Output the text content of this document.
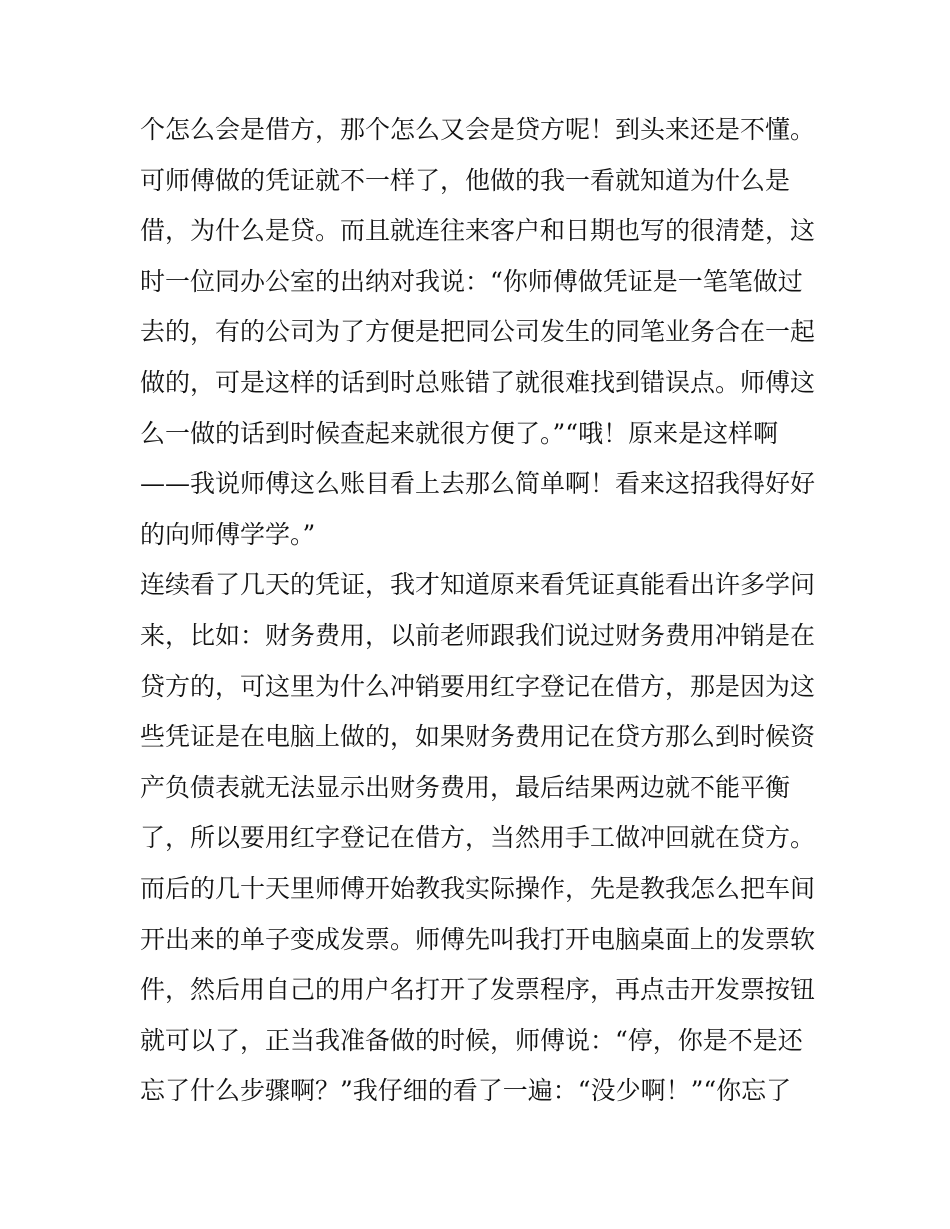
个怎么会是借方，那个怎么又会是贷方呢！到头来还是不懂。
可师傅做的凭证就不一样了，他做的我一看就知道为什么是
借，为什么是贷。而且就连往来客户和日期也写的很清楚，这
时一位同办公室的出纳对我说：“你师傅做凭证是一笔笔做过
去的，有的公司为了方便是把同公司发生的同笔业务合在一起
做的，可是这样的话到时总账错了就很难找到错误点。师傅这
么一做的话到时候查起来就很方便了。”“哦！原来是这样啊
——我说师傅这么账目看上去那么简单啊！看来这招我得好好
的向师傅学学。”
连续看了几天的凭证，我才知道原来看凭证真能看出许多学问
来，比如：财务费用，以前老师跟我们说过财务费用冲销是在
贷方的，可这里为什么冲销要用红字登记在借方，那是因为这
些凭证是在电脑上做的，如果财务费用记在贷方那么到时候资
产负债表就无法显示出财务费用，最后结果两边就不能平衡
了，所以要用红字登记在借方，当然用手工做冲回就在贷方。
而后的几十天里师傅开始教我实际操作，先是教我怎么把车间
开出来的单子变成发票。师傅先叫我打开电脑桌面上的发票软
件，然后用自己的用户名打开了发票程序，再点击开发票按钮
就可以了，正当我准备做的时候，师傅说：“停，你是不是还
忘了什么步骤啊？”我仔细的看了一遍：“没少啊！”“你忘了
